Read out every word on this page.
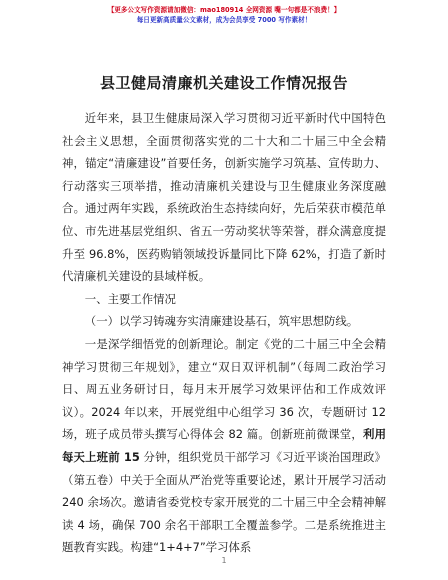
【更多公文写作资源请加微信：mao180914 全网资源 嘴一句都是不浪费！】
每日更新高质量公文素材，成为会员享受 7000 写作素材！
县卫健局清廉机关建设工作情况报告

近年来，县卫生健康局深入学习贯彻习近平新时代中国特色社会主义思想，全面贯彻落实党的二十大和二十届三中全会精神，锚定“清廉建设”首要任务，创新实施学习筑基、宣传助力、行动落实三项举措，推动清廉机关建设与卫生健康业务深度融合。通过两年实践，系统政治生态持续向好，先后荣获市模范单位、市先进基层党组织、省五一劳动奖状等荣誉，群众满意度提升至 96.8%，医药购销领域投诉量同比下降 62%，打造了新时代清廉机关建设的县域样板。

一、主要工作情况

（一）以学习铸魂夯实清廉建设基石，筑牢思想防线。

一是深学细悟党的创新理论。制定《党的二十届三中全会精神学习贯彻三年规划》，建立“双日双评机制”（每周二政治学习日、周五业务研讨日，每月末开展学习效果评估和工作成效评议）。2024 年以来，开展党组中心组学习 36 次，专题研讨 12 场，班子成员带头撰写心得体会 82 篇。创新班前微课堂，利用每天上班前 15 分钟，组织党员干部学习《习近平谈治国理政》（第五卷）中关于全面从严治党等重要论述，累计开展学习活动 240 余场次。邀请省委党校专家开展党的二十届三中全会精神解读 4 场，确保 700 余名干部职工全覆盖参学。二是系统推进主题教育实践。构建“1+4+7”学习体系

1
